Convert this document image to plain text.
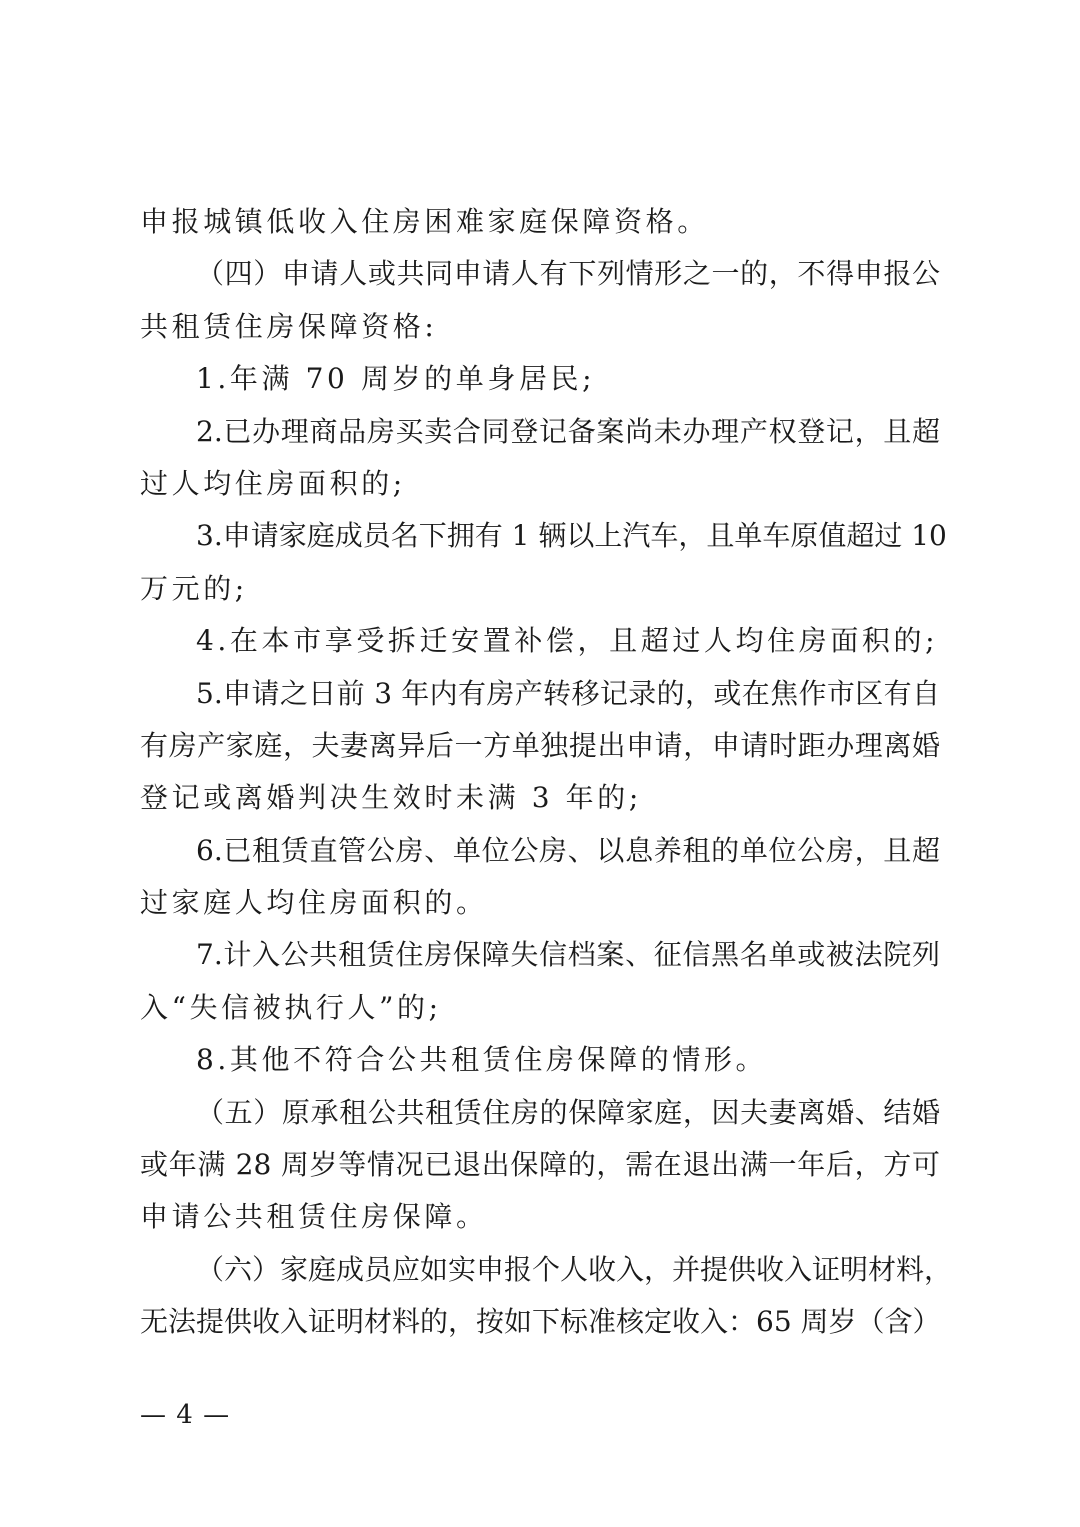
申报城镇低收入住房困难家庭保障资格。
（四）申请人或共同申请人有下列情形之一的，不得申报公
共租赁住房保障资格:
1.年满 70 周岁的单身居民;
2.已办理商品房买卖合同登记备案尚未办理产权登记，且超
过人均住房面积的;
3.申请家庭成员名下拥有 1 辆以上汽车，且单车原值超过 10
万元的;
4.在本市享受拆迁安置补偿，且超过人均住房面积的;
5.申请之日前 3 年内有房产转移记录的，或在焦作市区有自
有房产家庭，夫妻离异后一方单独提出申请，申请时距办理离婚
登记或离婚判决生效时未满 3 年的;
6.已租赁直管公房、单位公房、以息养租的单位公房，且超
过家庭人均住房面积的。
7.计入公共租赁住房保障失信档案、征信黑名单或被法院列
入“失信被执行人”的;
8.其他不符合公共租赁住房保障的情形。
（五）原承租公共租赁住房的保障家庭，因夫妻离婚、结婚
或年满 28 周岁等情况已退出保障的，需在退出满一年后，方可
申请公共租赁住房保障。
（六）家庭成员应如实申报个人收入，并提供收入证明材料，
无法提供收入证明材料的，按如下标准核定收入：65 周岁（含）
— 4 —
